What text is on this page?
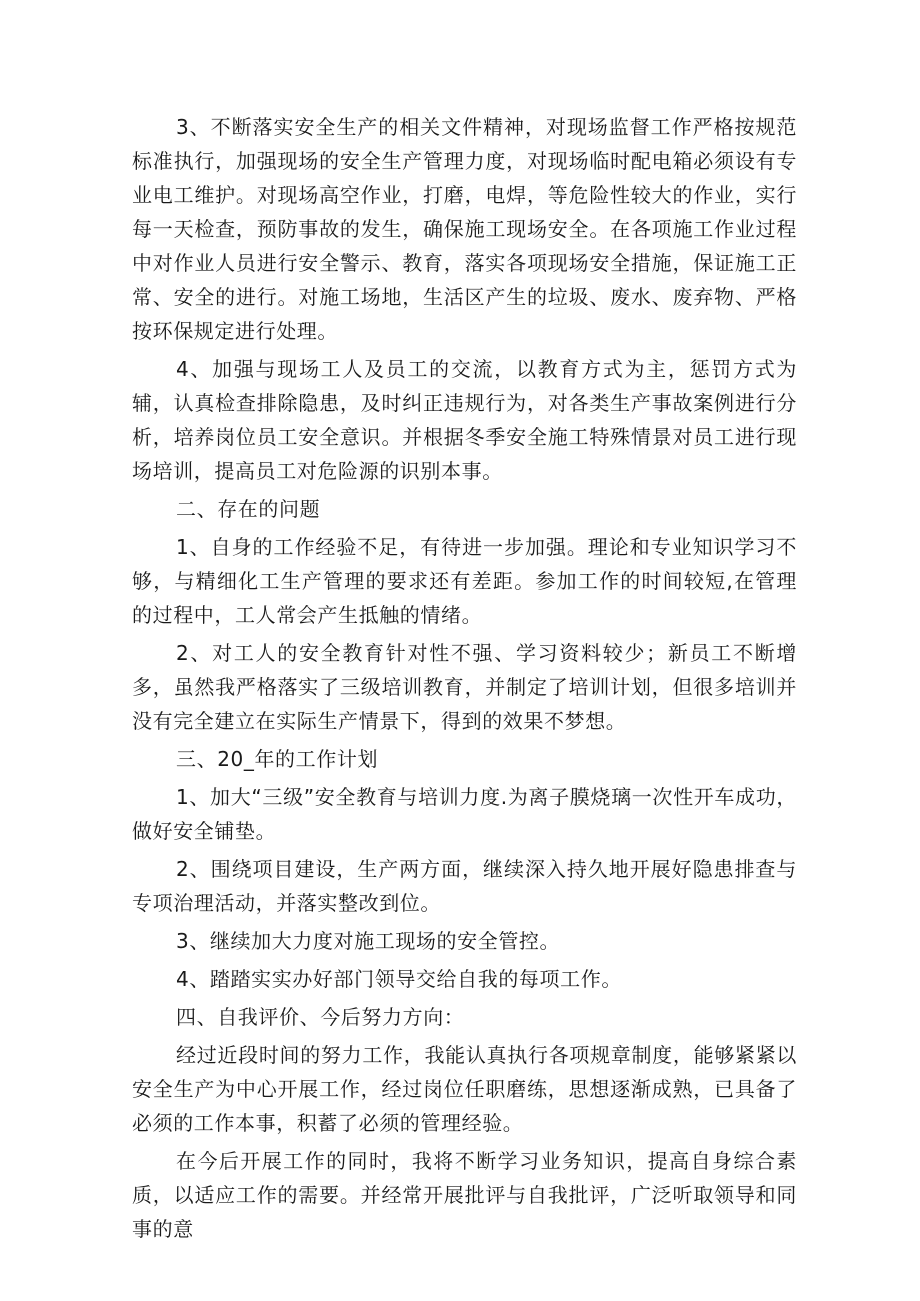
3、不断落实安全生产的相关文件精神，对现场监督工作严格按规范标准执行，加强现场的安全生产管理力度，对现场临时配电箱必须设有专业电工维护。对现场高空作业，打磨，电焊，等危险性较大的作业，实行每一天检查，预防事故的发生，确保施工现场安全。在各项施工作业过程中对作业人员进行安全警示、教育，落实各项现场安全措施，保证施工正常、安全的进行。对施工场地，生活区产生的垃圾、废水、废弃物、严格按环保规定进行处理。

4、加强与现场工人及员工的交流，以教育方式为主，惩罚方式为辅，认真检查排除隐患，及时纠正违规行为，对各类生产事故案例进行分析，培养岗位员工安全意识。并根据冬季安全施工特殊情景对员工进行现场培训，提高员工对危险源的识别本事。

二、存在的问题

1、自身的工作经验不足，有待进一步加强。理论和专业知识学习不够，与精细化工生产管理的要求还有差距。参加工作的时间较短,在管理的过程中，工人常会产生抵触的情绪。

2、对工人的安全教育针对性不强、学习资料较少；新员工不断增多，虽然我严格落实了三级培训教育，并制定了培训计划，但很多培训并没有完全建立在实际生产情景下，得到的效果不梦想。

三、20_年的工作计划

1、加大“三级”安全教育与培训力度.为离子膜烧璃一次性开车成功，做好安全铺垫。

2、围绕项目建设，生产两方面，继续深入持久地开展好隐患排查与专项治理活动，并落实整改到位。

3、继续加大力度对施工现场的安全管控。

4、踏踏实实办好部门领导交给自我的每项工作。

四、自我评价、今后努力方向：

经过近段时间的努力工作，我能认真执行各项规章制度，能够紧紧以安全生产为中心开展工作，经过岗位任职磨练，思想逐渐成熟，已具备了必须的工作本事，积蓄了必须的管理经验。

在今后开展工作的同时，我将不断学习业务知识，提高自身综合素质，以适应工作的需要。并经常开展批评与自我批评，广泛听取领导和同事的意
